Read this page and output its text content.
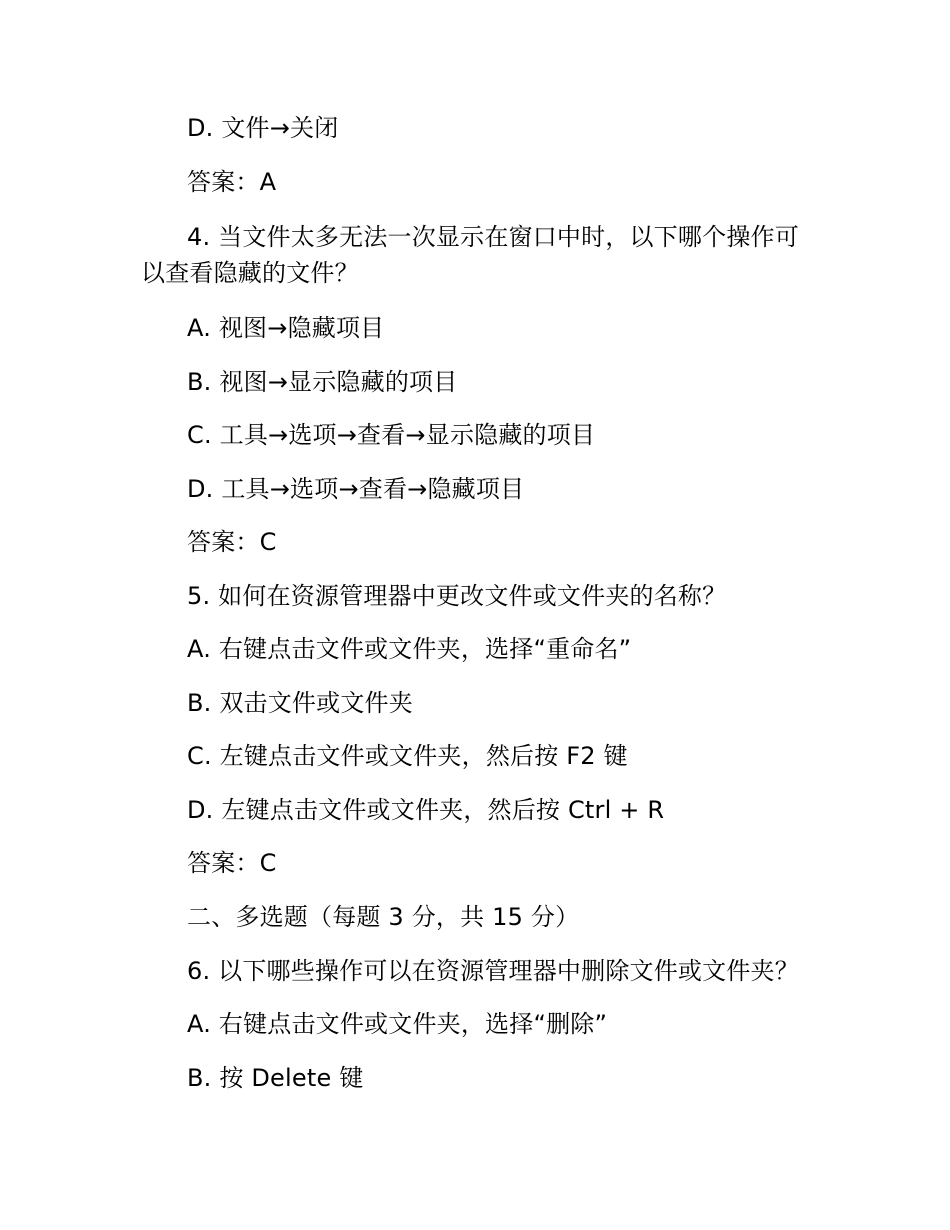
D. 文件→关闭
答案：A
4. 当文件太多无法一次显示在窗口中时，以下哪个操作可以查看隐藏的文件？
A. 视图→隐藏项目
B. 视图→显示隐藏的项目
C. 工具→选项→查看→显示隐藏的项目
D. 工具→选项→查看→隐藏项目
答案：C
5. 如何在资源管理器中更改文件或文件夹的名称？
A. 右键点击文件或文件夹，选择“重命名”
B. 双击文件或文件夹
C. 左键点击文件或文件夹，然后按 F2 键
D. 左键点击文件或文件夹，然后按 Ctrl + R
答案：C
二、多选题（每题 3 分，共 15 分）
6. 以下哪些操作可以在资源管理器中删除文件或文件夹？
A. 右键点击文件或文件夹，选择“删除”
B. 按 Delete 键
